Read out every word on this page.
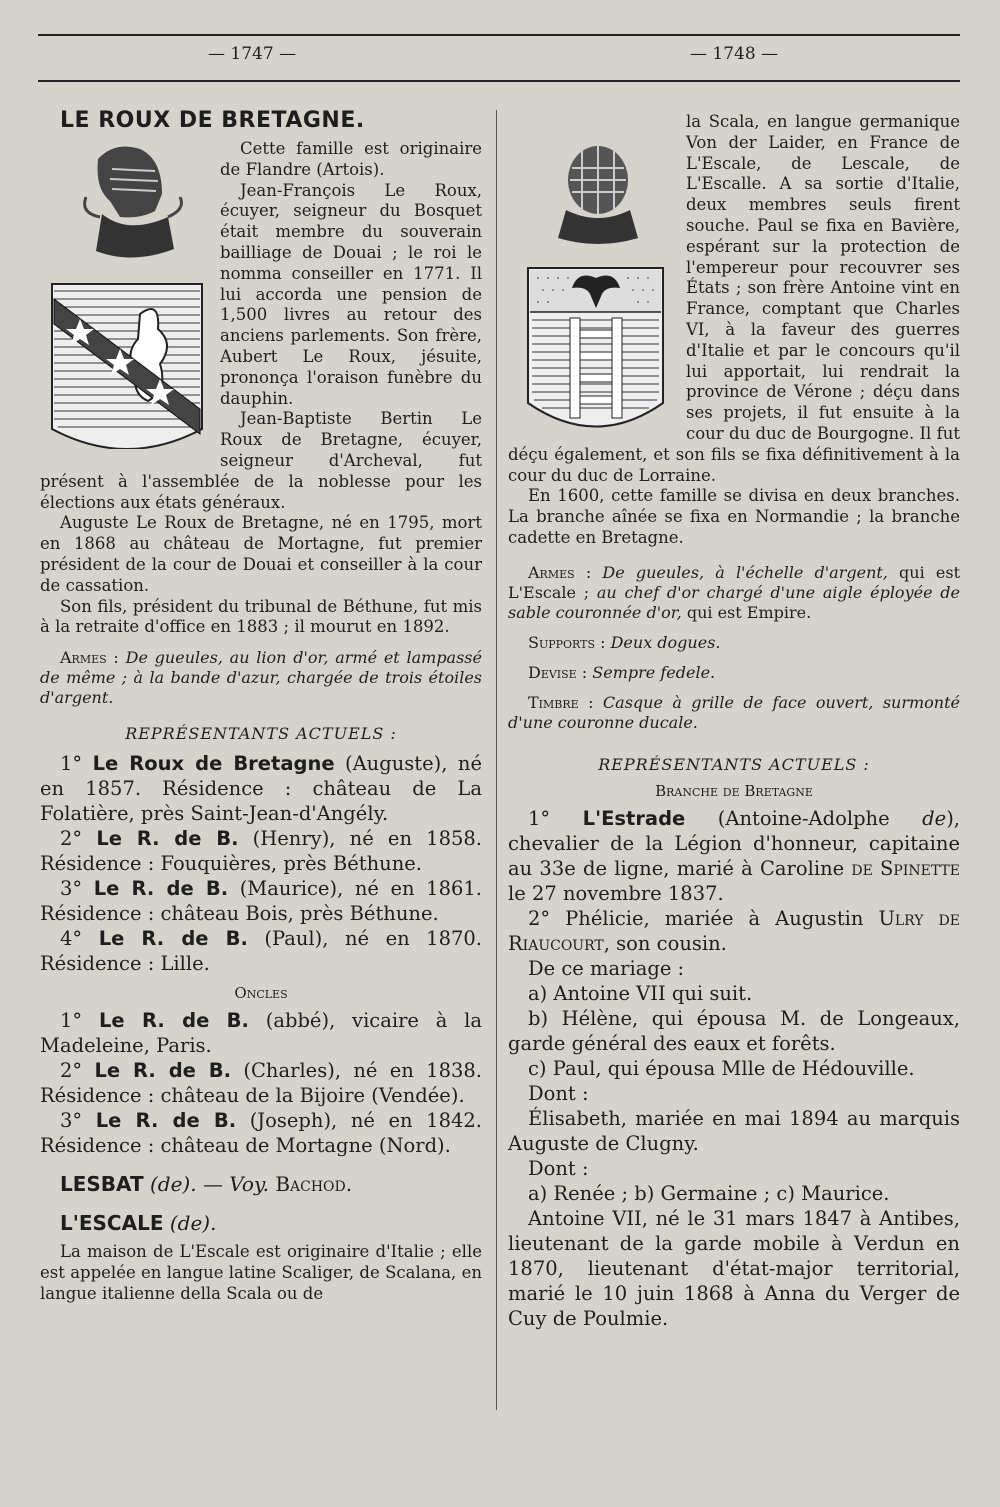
— 1747 —	— 1748 —
LE ROUX DE BRETAGNE.

Cette famille est originaire de Flandre (Artois).

Jean-François Le Roux, écuyer, seigneur du Bosquet était membre du souverain bailliage de Douai ; le roi le nomma conseiller en 1771. Il lui accorda une pension de 1,500 livres au retour des anciens parlements. Son frère, Aubert Le Roux, jésuite, prononça l'oraison funèbre du dauphin.

Jean-Baptiste Bertin Le Roux de Bretagne, écuyer, seigneur d'Archeval, fut présent à l'assemblée de la noblesse pour les élections aux états généraux.

Auguste Le Roux de Bretagne, né en 1795, mort en 1868 au château de Mortagne, fut premier président de la cour de Douai et conseiller à la cour de cassation.

Son fils, président du tribunal de Béthune, fut mis à la retraite d'office en 1883 ; il mourut en 1892.

Armes : De gueules, au lion d'or, armé et lampassé de même ; à la bande d'azur, chargée de trois étoiles d'argent.

REPRÉSENTANTS ACTUELS :

1° Le Roux de Bretagne (Auguste), né en 1857. Résidence : château de La Folatière, près Saint-Jean-d'Angély.

2° Le R. de B. (Henry), né en 1858. Résidence : Fouquières, près Béthune.

3° Le R. de B. (Maurice), né en 1861. Résidence : château Bois, près Béthune.

4° Le R. de B. (Paul), né en 1870. Résidence : Lille.

Oncles

1° Le R. de B. (abbé), vicaire à la Madeleine, Paris.

2° Le R. de B. (Charles), né en 1838. Résidence : château de la Bijoire (Vendée).

3° Le R. de B. (Joseph), né en 1842. Résidence : château de Mortagne (Nord).

LESBAT (de). — Voy. Bachod.

L'ESCALE (de).

La maison de L'Escale est originaire d'Italie ; elle est appelée en langue latine Scaliger, de Scalana, en langue italienne della Scala ou de

la Scala, en langue germanique Von der Laider, en France de L'Escale, de Lescale, de L'Escalle. A sa sortie d'Italie, deux membres seuls firent souche. Paul se fixa en Bavière, espérant sur la protection de l'empereur pour recouvrer ses États ; son frère Antoine vint en France, comptant que Charles VI, à la faveur des guerres d'Italie et par le concours qu'il lui apportait, lui rendrait la province de Vérone ; déçu dans ses projets, il fut ensuite à la cour du duc de Bourgogne. Il fut déçu également, et son fils se fixa définitivement à la cour du duc de Lorraine.

En 1600, cette famille se divisa en deux branches. La branche aînée se fixa en Normandie ; la branche cadette en Bretagne.

Armes : De gueules, à l'échelle d'argent, qui est L'Escale ; au chef d'or chargé d'une aigle éployée de sable couronnée d'or, qui est Empire.

Supports : Deux dogues.

Devise : Sempre fedele.

Timbre : Casque à grille de face ouvert, surmonté d'une couronne ducale.

REPRÉSENTANTS ACTUELS :
Branche de Bretagne

1° L'Estrade (Antoine-Adolphe de), chevalier de la Légion d'honneur, capitaine au 33e de ligne, marié à Caroline de Spinette le 27 novembre 1837.

2° Phélicie, mariée à Augustin Ulry de Riaucourt, son cousin.

De ce mariage :

a) Antoine VII qui suit.

b) Hélène, qui épousa M. de Longeaux, garde général des eaux et forêts.

c) Paul, qui épousa Mlle de Hédouville.

Dont :

Élisabeth, mariée en mai 1894 au marquis Auguste de Clugny.

Dont :

a) Renée ; b) Germaine ; c) Maurice.

Antoine VII, né le 31 mars 1847 à Antibes, lieutenant de la garde mobile à Verdun en 1870, lieutenant d'état-major territorial, marié le 10 juin 1868 à Anna du Verger de Cuy de Poulmie.
